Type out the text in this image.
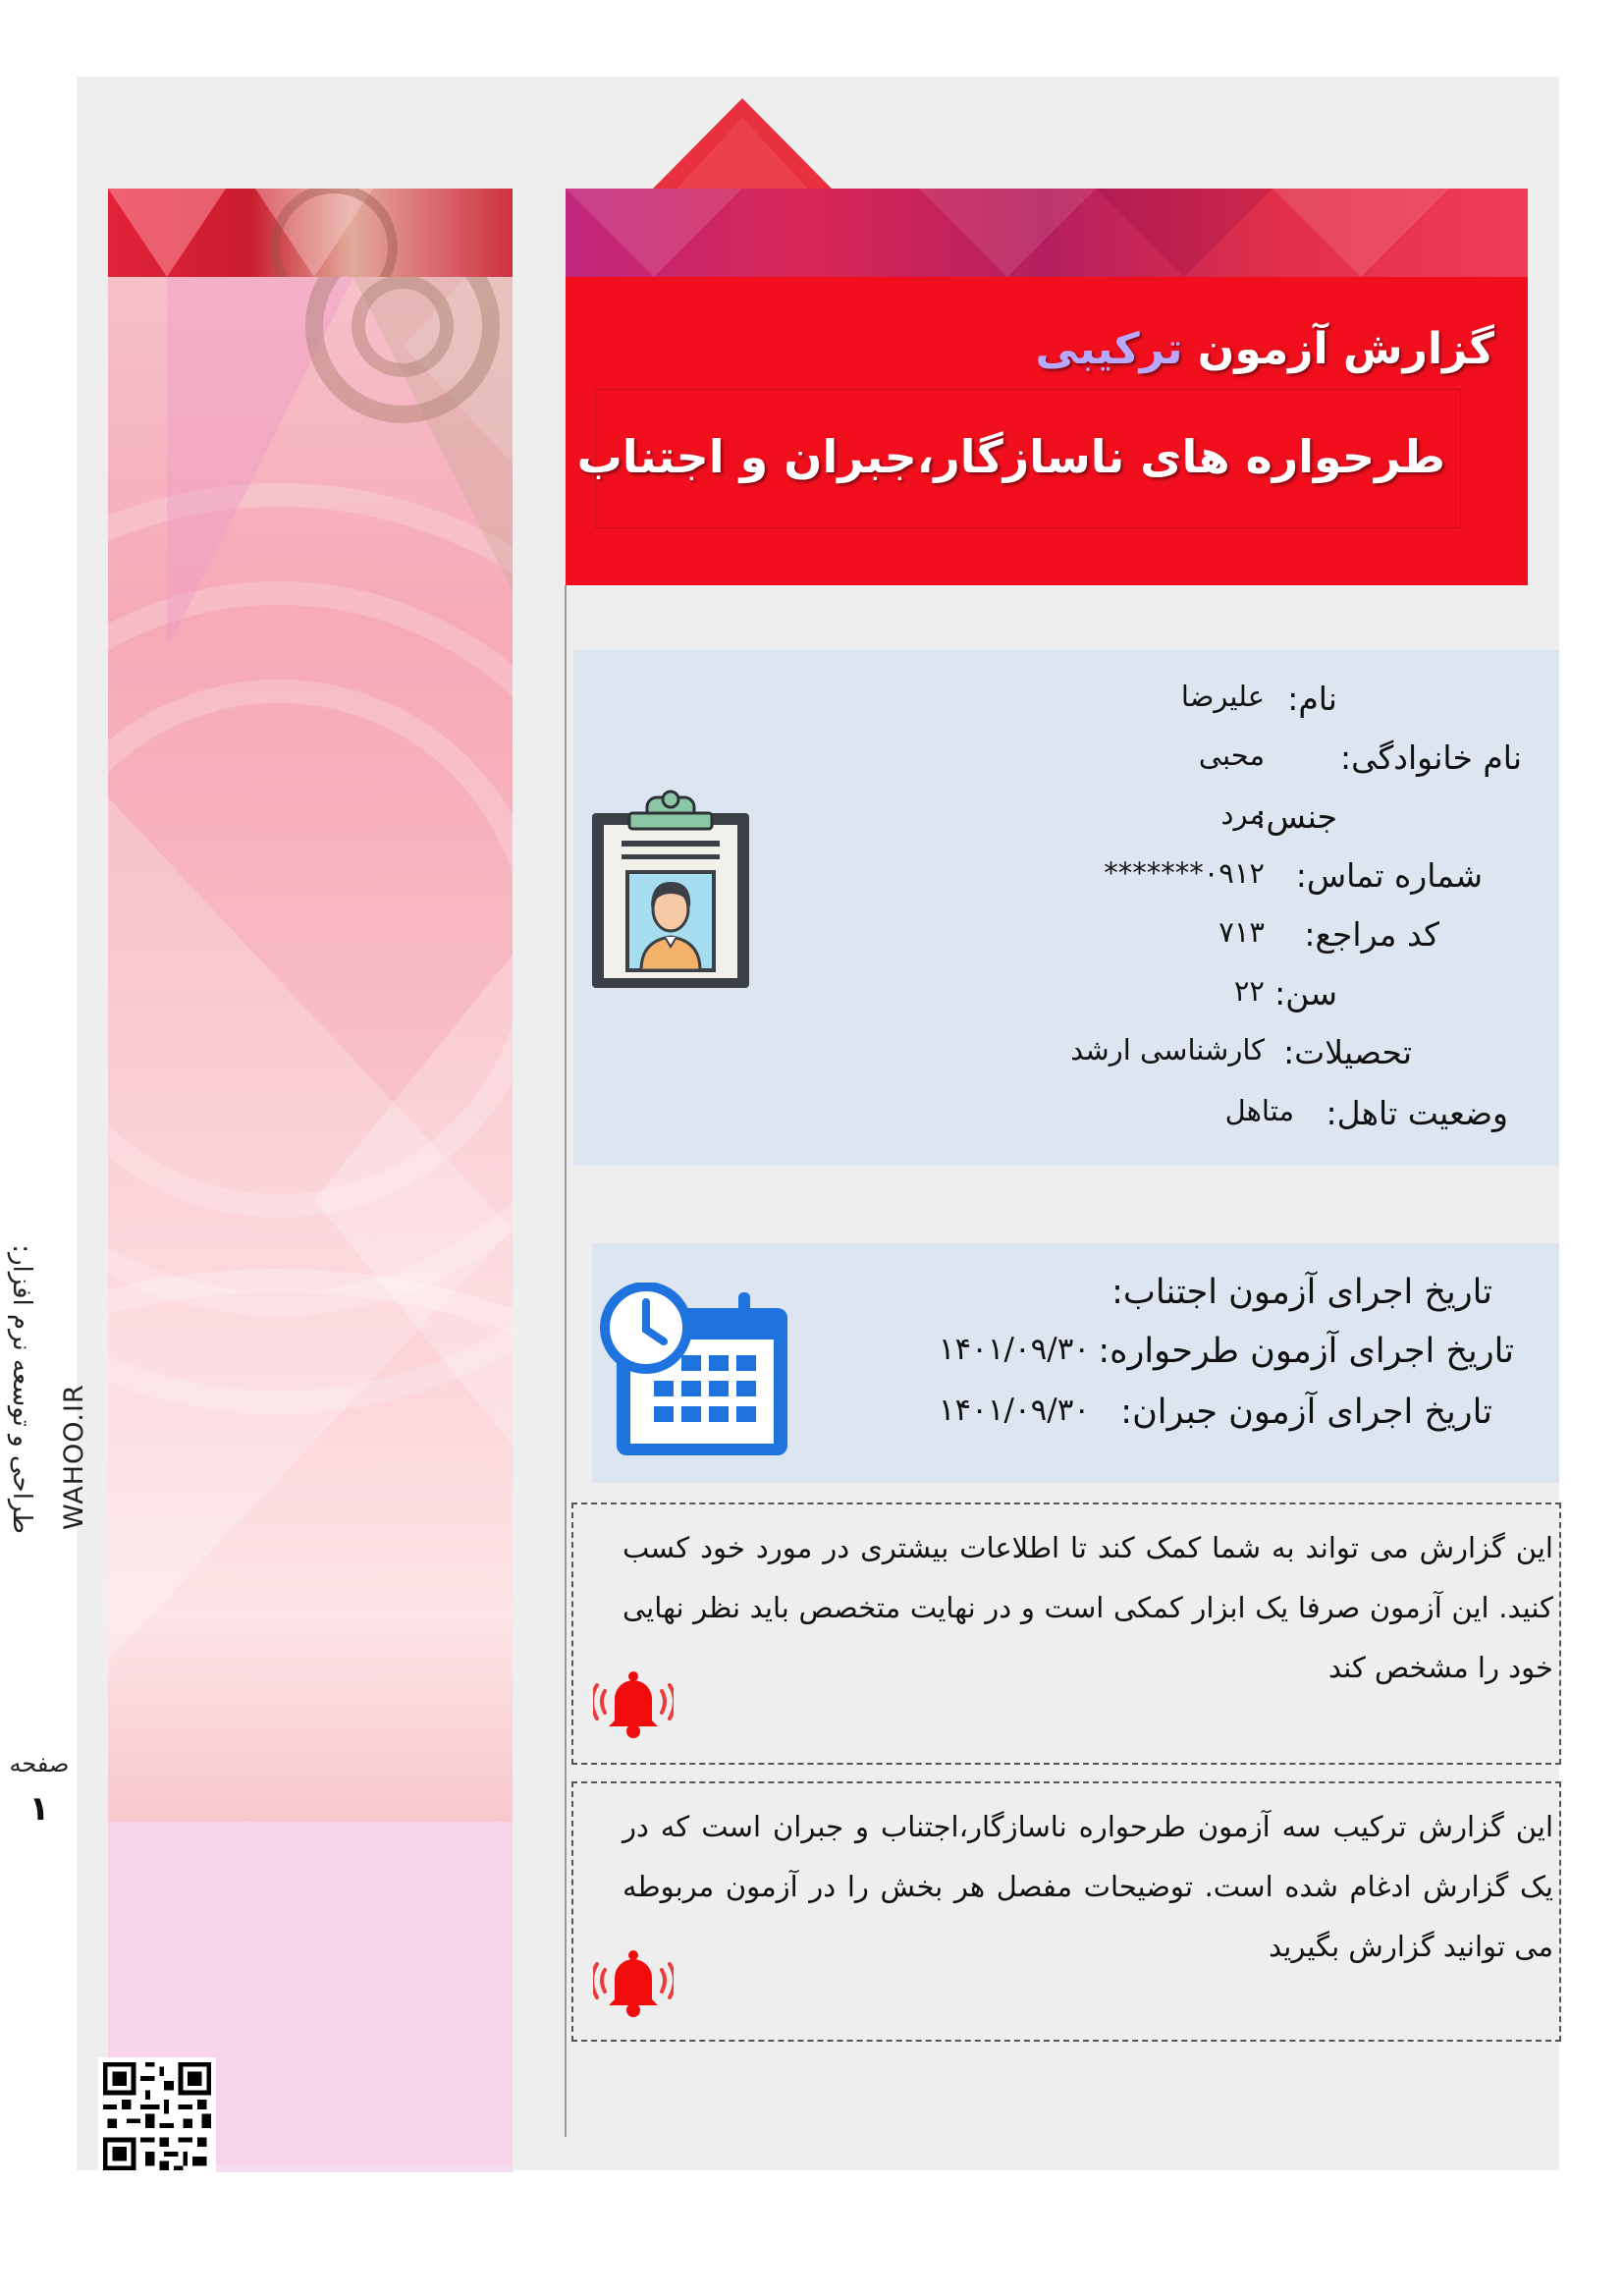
گزارش آزمون ترکیبی
طرحواره های ناسازگار،جبران و اجتناب
نام:
علیرضا
نام خانوادگی:
محبی
جنس:
مرد
شماره تماس:
۰۹۱۲*******
کد مراجع:
۷۱۳
سن:
۲۲
تحصیلات:
کارشناسی ارشد
وضعیت تاهل:
متاهل
تاریخ اجرای آزمون اجتناب:
تاریخ اجرای آزمون طرحواره:
۱۴۰۱/۰۹/۳۰
تاریخ اجرای آزمون جبران:
۱۴۰۱/۰۹/۳۰
این گزارش می تواند به شما کمک کند تا اطلاعات بیشتری در مورد خود کسب کنید. این آزمون صرفا یک ابزار کمکی است و در نهایت متخصص باید نظر نهایی خود را مشخص کند
این گزارش ترکیب سه آزمون طرحواره ناسازگار،اجتناب و جبران است که در یک گزارش ادغام شده است. توضیحات مفصل هر بخش را در آزمون مربوطه می توانید گزارش بگیرید
طراحی و توسعه نرم افزار: WAHOO.IR
صفحه
۱
